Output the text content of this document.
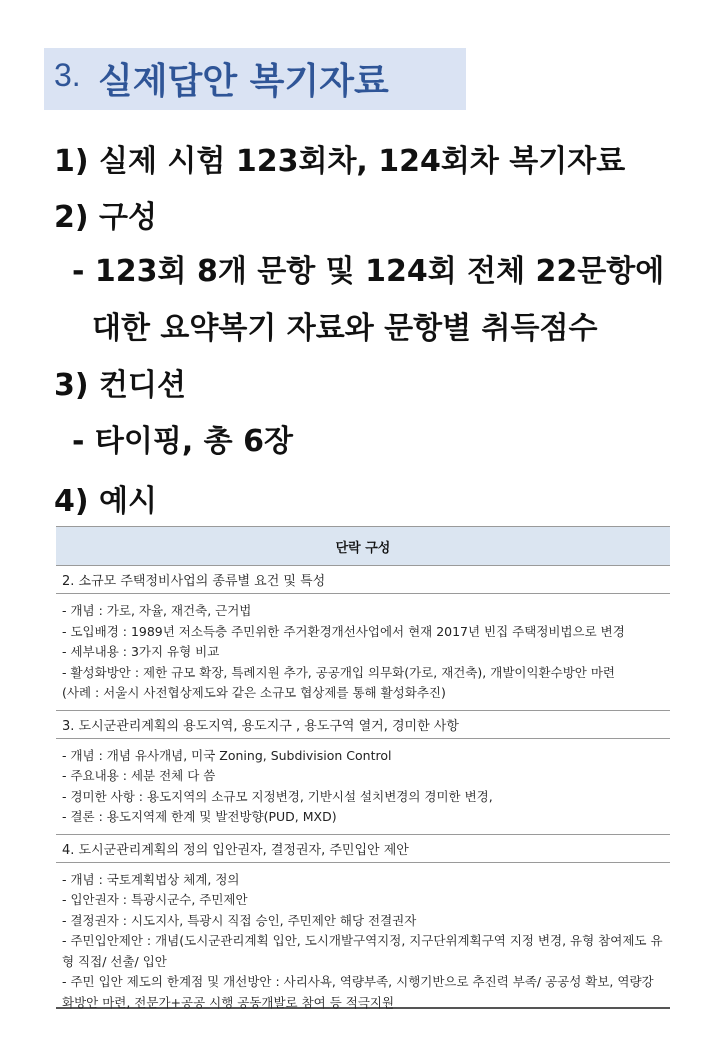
3. 실제답안 복기자료
1) 실제 시험 123회차, 124회차 복기자료
2) 구성
- 123회 8개 문항 및 124회 전체 22문항에
대한 요약복기 자료와 문항별 취득점수
3) 컨디션
- 타이핑, 총 6장
4) 예시
단락 구성
2. 소규모 주택정비사업의 종류별 요건 및 특성
- 개념 : 가로, 자율, 재건축, 근거법
- 도입배경 : 1989년 저소득층 주민위한 주거환경개선사업에서 현재 2017년 빈집 주택정비법으로 변경
- 세부내용 : 3가지 유형 비교
- 활성화방안 : 제한 규모 확장, 특례지원 추가, 공공개입 의무화(가로, 재건축), 개발이익환수방안 마련
(사례 : 서울시 사전협상제도와 같은 소규모 협상제를 통해 활성화추진)
3. 도시군관리계획의 용도지역, 용도지구 , 용도구역 열거, 경미한 사항
- 개념 : 개념 유사개념, 미국 Zoning, Subdivision Control
- 주요내용 : 세분 전체 다 씀
- 경미한 사항 : 용도지역의 소규모 지정변경, 기반시설 설치변경의 경미한 변경,
- 결론 : 용도지역제 한계 및 발전방향(PUD, MXD)
4. 도시군관리계획의 정의 입안권자, 결정권자, 주민입안 제안
- 개념 : 국토계획법상 체계, 정의
- 입안권자 : 특광시군수, 주민제안
- 결정권자 : 시도지사, 특광시 직접 승인, 주민제안 해당 전결권자
- 주민입안제안 : 개념(도시군관리계획 입안, 도시개발구역지정, 지구단위계획구역 지정 변경, 유형 참여제도 유형 직접/ 선출/ 입안
- 주민 입안 제도의 한계점 및 개선방안 : 사리사욕, 역량부족, 시행기반으로 추진력 부족/ 공공성 확보, 역량강화방안 마련, 전문가+공공 시행 공동개발로 참여 등 적극지원
